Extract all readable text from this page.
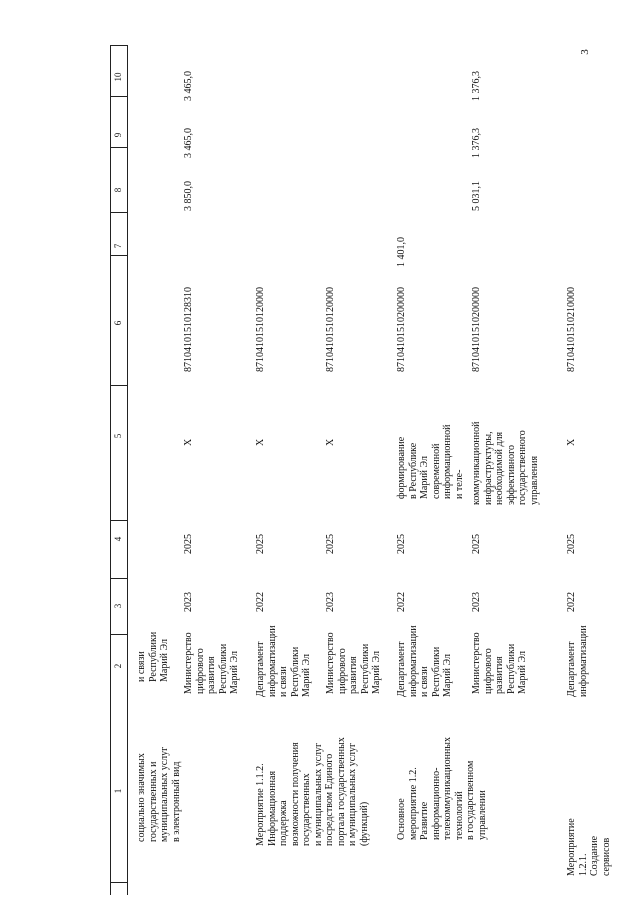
3
1
2
3
4
5
6
7
8
9
10
социально значимых
государственных и
муниципальных услуг
в электронный вид
и связи
Республики
Марий Эл Министерство
цифрового
развития
Республики
Марий Эл
2023
2025
X
87104101510128310
3 850,0
3 465,0
3 465,0
Мероприятие 1.1.2.
Информационная
поддержка
возможности получения
государственных
и муниципальных услуг
посредством Единого
портала государственных
и муниципальных услуг
(функций)
Департамент
информатизации
и связи
Республики
Марий Эл
2022
2025
X
87104101510120000
Министерство
цифрового
развития
Республики
Марий Эл
2023
2025
X
87104101510120000
Основное
мероприятие 1.2.
Развитие
информационно-
телекоммуникационных
технологий
в государственном
управлении
Департамент
информатизации
и связи
Республики
Марий Эл
2022
2025
формирование
в Республике
Марий Эл
современной
информационной
и теле-
87104101510200000
1 401,0
Министерство
цифрового
развития
Республики
Марий Эл
2023
2025
коммуникационной
инфраструктуры,
необходимой для
эффективного
государственного
управления
87104101510200000
5 031,1
1 376,3
1 376,3
Мероприятие 1.2.1.
Создание сервисов
Департамент
информатизации
2022
2025
X
87104101510210000
